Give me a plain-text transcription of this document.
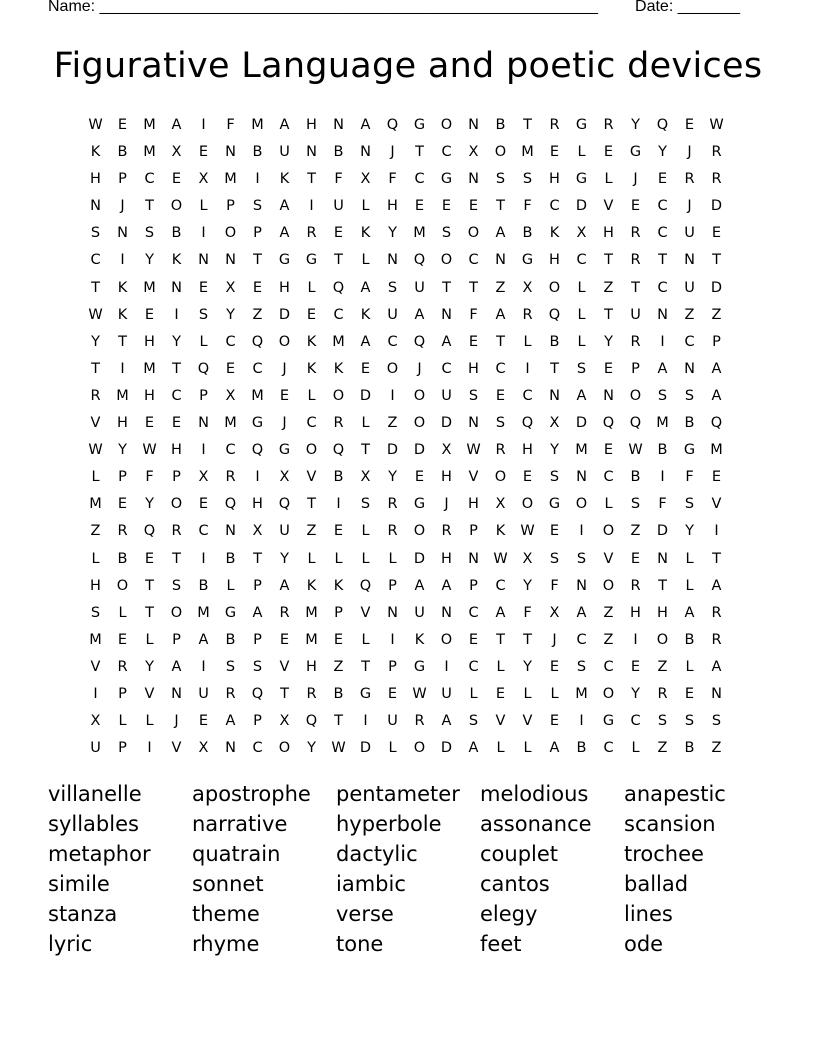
Name: ________________________________________________________ Date: _______
Figurative Language and poetic devices
W	E	M	A	I	F	M	A	H	N	A	Q	G	O	N	B	T	R	G	R	Y	Q	E	W
K	B	M	X	E	N	B	U	N	B	N	J	T	C	X	O	M	E	L	E	G	Y	J	R
H	P	C	E	X	M	I	K	T	F	X	F	C	G	N	S	S	H	G	L	J	E	R	R
N	J	T	O	L	P	S	A	I	U	L	H	E	E	E	T	F	C	D	V	E	C	J	D
S	N	S	B	I	O	P	A	R	E	K	Y	M	S	O	A	B	K	X	H	R	C	U	E
C	I	Y	K	N	N	T	G	G	T	L	N	Q	O	C	N	G	H	C	T	R	T	N	T
T	K	M	N	E	X	E	H	L	Q	A	S	U	T	T	Z	X	O	L	Z	T	C	U	D
W	K	E	I	S	Y	Z	D	E	C	K	U	A	N	F	A	R	Q	L	T	U	N	Z	Z
Y	T	H	Y	L	C	Q	O	K	M	A	C	Q	A	E	T	L	B	L	Y	R	I	C	P
T	I	M	T	Q	E	C	J	K	K	E	O	J	C	H	C	I	T	S	E	P	A	N	A
R	M	H	C	P	X	M	E	L	O	D	I	O	U	S	E	C	N	A	N	O	S	S	A
V	H	E	E	N	M	G	J	C	R	L	Z	O	D	N	S	Q	X	D	Q	Q	M	B	Q
W	Y	W H	I	C	Q	G	O	Q	T	D	D	X	W	R	H	Y	M	E	W	B	G	M
L	P	F	P	X	R	I	X	V	B	X	Y	E	H	V	O	E	S	N	C	B	I	F	E
M	E	Y	O	E	Q	H	Q	T	I	S	R	G	J	H	X	O	G	O	L	S	F	S	V
Z	R	Q	R	C	N	X	U	Z	E	L	R	O	R	P	K	W	E	I	O	Z	D	Y	I
L	B	E	T	I	B	T	Y	L	L	L	L	D	H	N W	X	S	S	V	E	N	L	T
H	O	T	S	B	L	P	A	K	K	Q	P	A	A	P	C	Y	F	N	O	R	T	L	A
S	L	T	O	M	G	A	R	M	P	V	N	U	N	C	A	F	X	A	Z	H	H	A	R
M	E	L	P	A	B	P	E	M	E	L	I	K	O	E	T	T	J	C	Z	I	O	B	R
V	R	Y	A	I	S	S	V	H	Z	T	P	G	I	C	L	Y	E	S	C	E	Z	L	A
I	P	V	N	U	R	Q	T	R	B	G	E	W	U	L	E	L	L	M	O	Y	R	E	N
X	L	L	J	E	A	P	X	Q	T	I	U	R	A	S	V	V	E	I	G	C	S	S	S
U	P	I	V	X	N	C	O	Y	W D	L	O	D	A	L	L	A	B	C	L	Z	B	Z
villanelle	apostrophe	pentameter melodious	anapestic
syllables	narrative	hyperbole	assonance	scansion
metaphor	quatrain	dactylic	couplet	trochee
simile	sonnet	iambic	cantos	ballad
stanza	theme	verse	elegy	lines
lyric	rhyme	tone	feet	ode
